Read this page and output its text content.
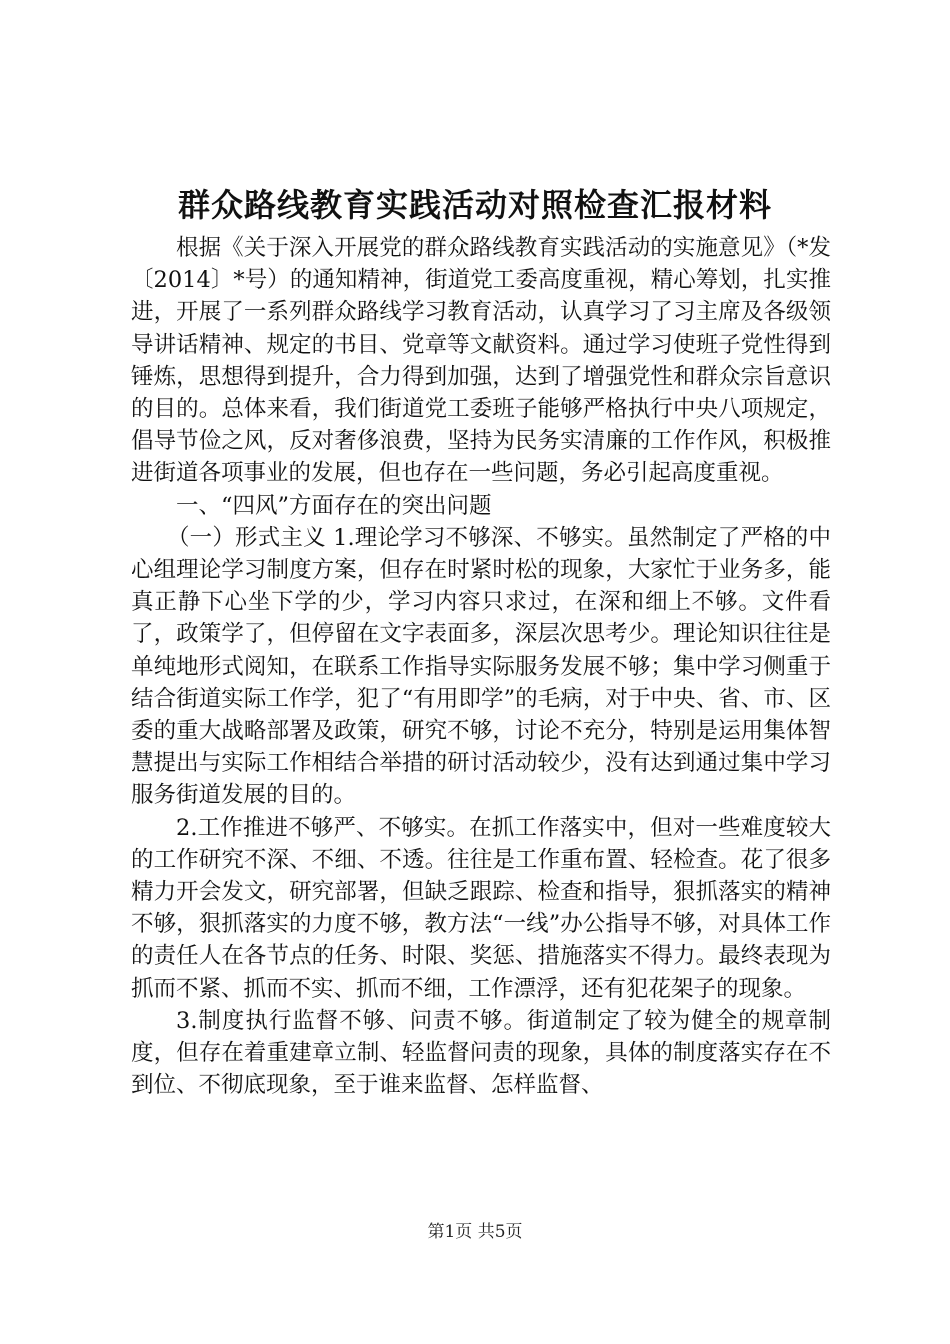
群众路线教育实践活动对照检查汇报材料

根据《关于深入开展党的群众路线教育实践活动的实施意见》（*发〔2014〕*号）的通知精神，街道党工委高度重视，精心筹划，扎实推进，开展了一系列群众路线学习教育活动，认真学习了习主席及各级领导讲话精神、规定的书目、党章等文献资料。通过学习使班子党性得到锤炼，思想得到提升，合力得到加强，达到了增强党性和群众宗旨意识的目的。总体来看，我们街道党工委班子能够严格执行中央八项规定，倡导节俭之风，反对奢侈浪费，坚持为民务实清廉的工作作风，积极推进街道各项事业的发展，但也存在一些问题，务必引起高度重视。

一、“四风”方面存在的突出问题

（一）形式主义 1.理论学习不够深、不够实。虽然制定了严格的中心组理论学习制度方案，但存在时紧时松的现象，大家忙于业务多，能真正静下心坐下学的少，学习内容只求过，在深和细上不够。文件看了，政策学了，但停留在文字表面多，深层次思考少。理论知识往往是单纯地形式阅知，在联系工作指导实际服务发展不够；集中学习侧重于结合街道实际工作学，犯了“有用即学”的毛病，对于中央、省、市、区委的重大战略部署及政策，研究不够，讨论不充分，特别是运用集体智慧提出与实际工作相结合举措的研讨活动较少，没有达到通过集中学习服务街道发展的目的。

2.工作推进不够严、不够实。在抓工作落实中，但对一些难度较大的工作研究不深、不细、不透。往往是工作重布置、轻检查。花了很多精力开会发文，研究部署，但缺乏跟踪、检查和指导，狠抓落实的精神不够，狠抓落实的力度不够，教方法“一线”办公指导不够，对具体工作的责任人在各节点的任务、时限、奖惩、措施落实不得力。最终表现为抓而不紧、抓而不实、抓而不细，工作漂浮，还有犯花架子的现象。

3.制度执行监督不够、问责不够。街道制定了较为健全的规章制度，但存在着重建章立制、轻监督问责的现象，具体的制度落实存在不到位、不彻底现象，至于谁来监督、怎样监督、

第1页 共5页
